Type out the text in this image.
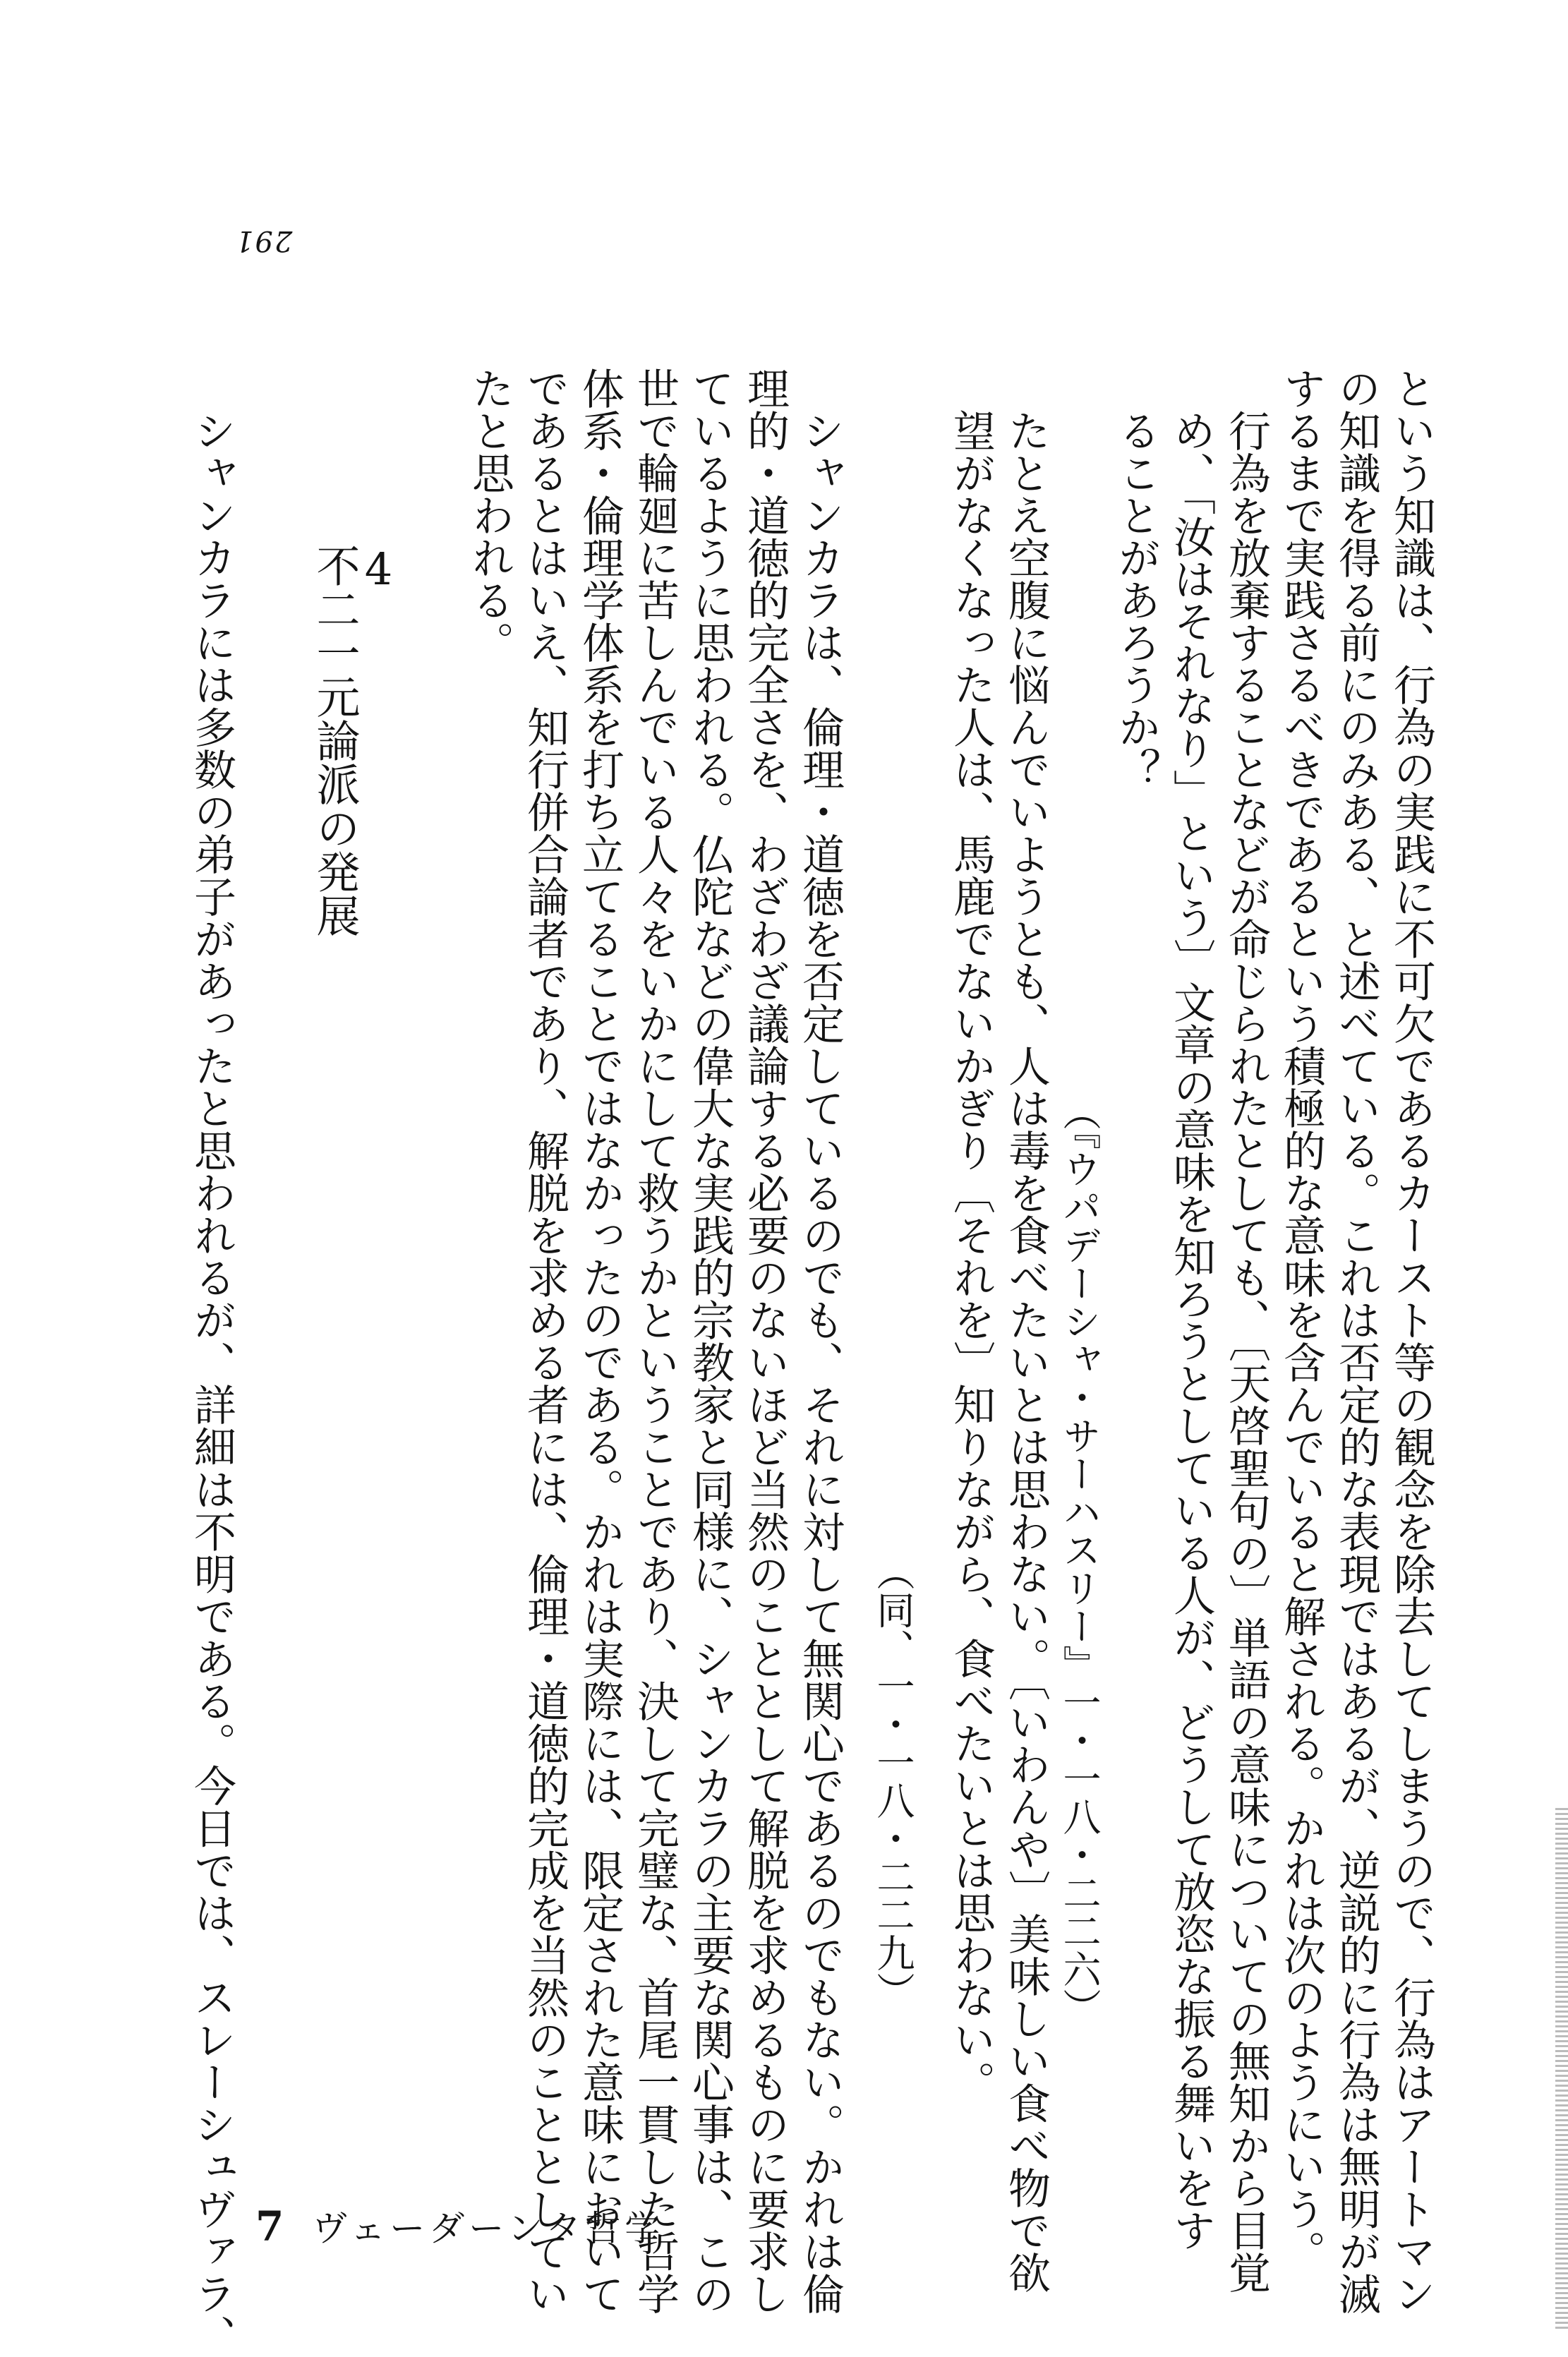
291
という知識は、行為の実践に不可欠であるカースト等の観念を除去してしまうので、行為はアートマン
の知識を得る前にのみある、と述べている。これは否定的な表現ではあるが、逆説的に行為は無明が滅
するまで実践さるべきであるという積極的な意味を含んでいると解される。かれは次のようにいう。
行為を放棄することなどが命じられたとしても、〔天啓聖句の〕単語の意味についての無知から目覚
め、「汝はそれなり」という〕文章の意味を知ろうとしている人が、どうして放恣な振る舞いをす
ることがあろうか？
（『ウパデーシャ・サーハスリー』一・一八・二二六）
たとえ空腹に悩んでいようとも、人は毒を食べたいとは思わない。〔いわんや〕美味しい食べ物で欲
望がなくなった人は、馬鹿でないかぎり〔それを〕知りながら、食べたいとは思わない。
（同、一・一八・二二九）
シャンカラは、倫理・道徳を否定しているのでも、それに対して無関心であるのでもない。かれは倫
理的・道徳的完全さを、わざわざ議論する必要のないほど当然のこととして解脱を求めるものに要求し
ているように思われる。仏陀などの偉大な実践的宗教家と同様に、シャンカラの主要な関心事は、この
世で輪廻に苦しんでいる人々をいかにして救うかということであり、決して完璧な、首尾一貫した哲学
体系・倫理学体系を打ち立てることではなかったのである。かれは実際には、限定された意味において
であるとはいえ、知行併合論者であり、解脱を求める者には、倫理・道徳的完成を当然のこととしてい
たと思われる。
シャンカラには多数の弟子があったと思われるが、詳細は不明である。今日では、スレーシュヴァラ、	4
不二一元論派の発展
7 ヴェーダーンタ哲学
